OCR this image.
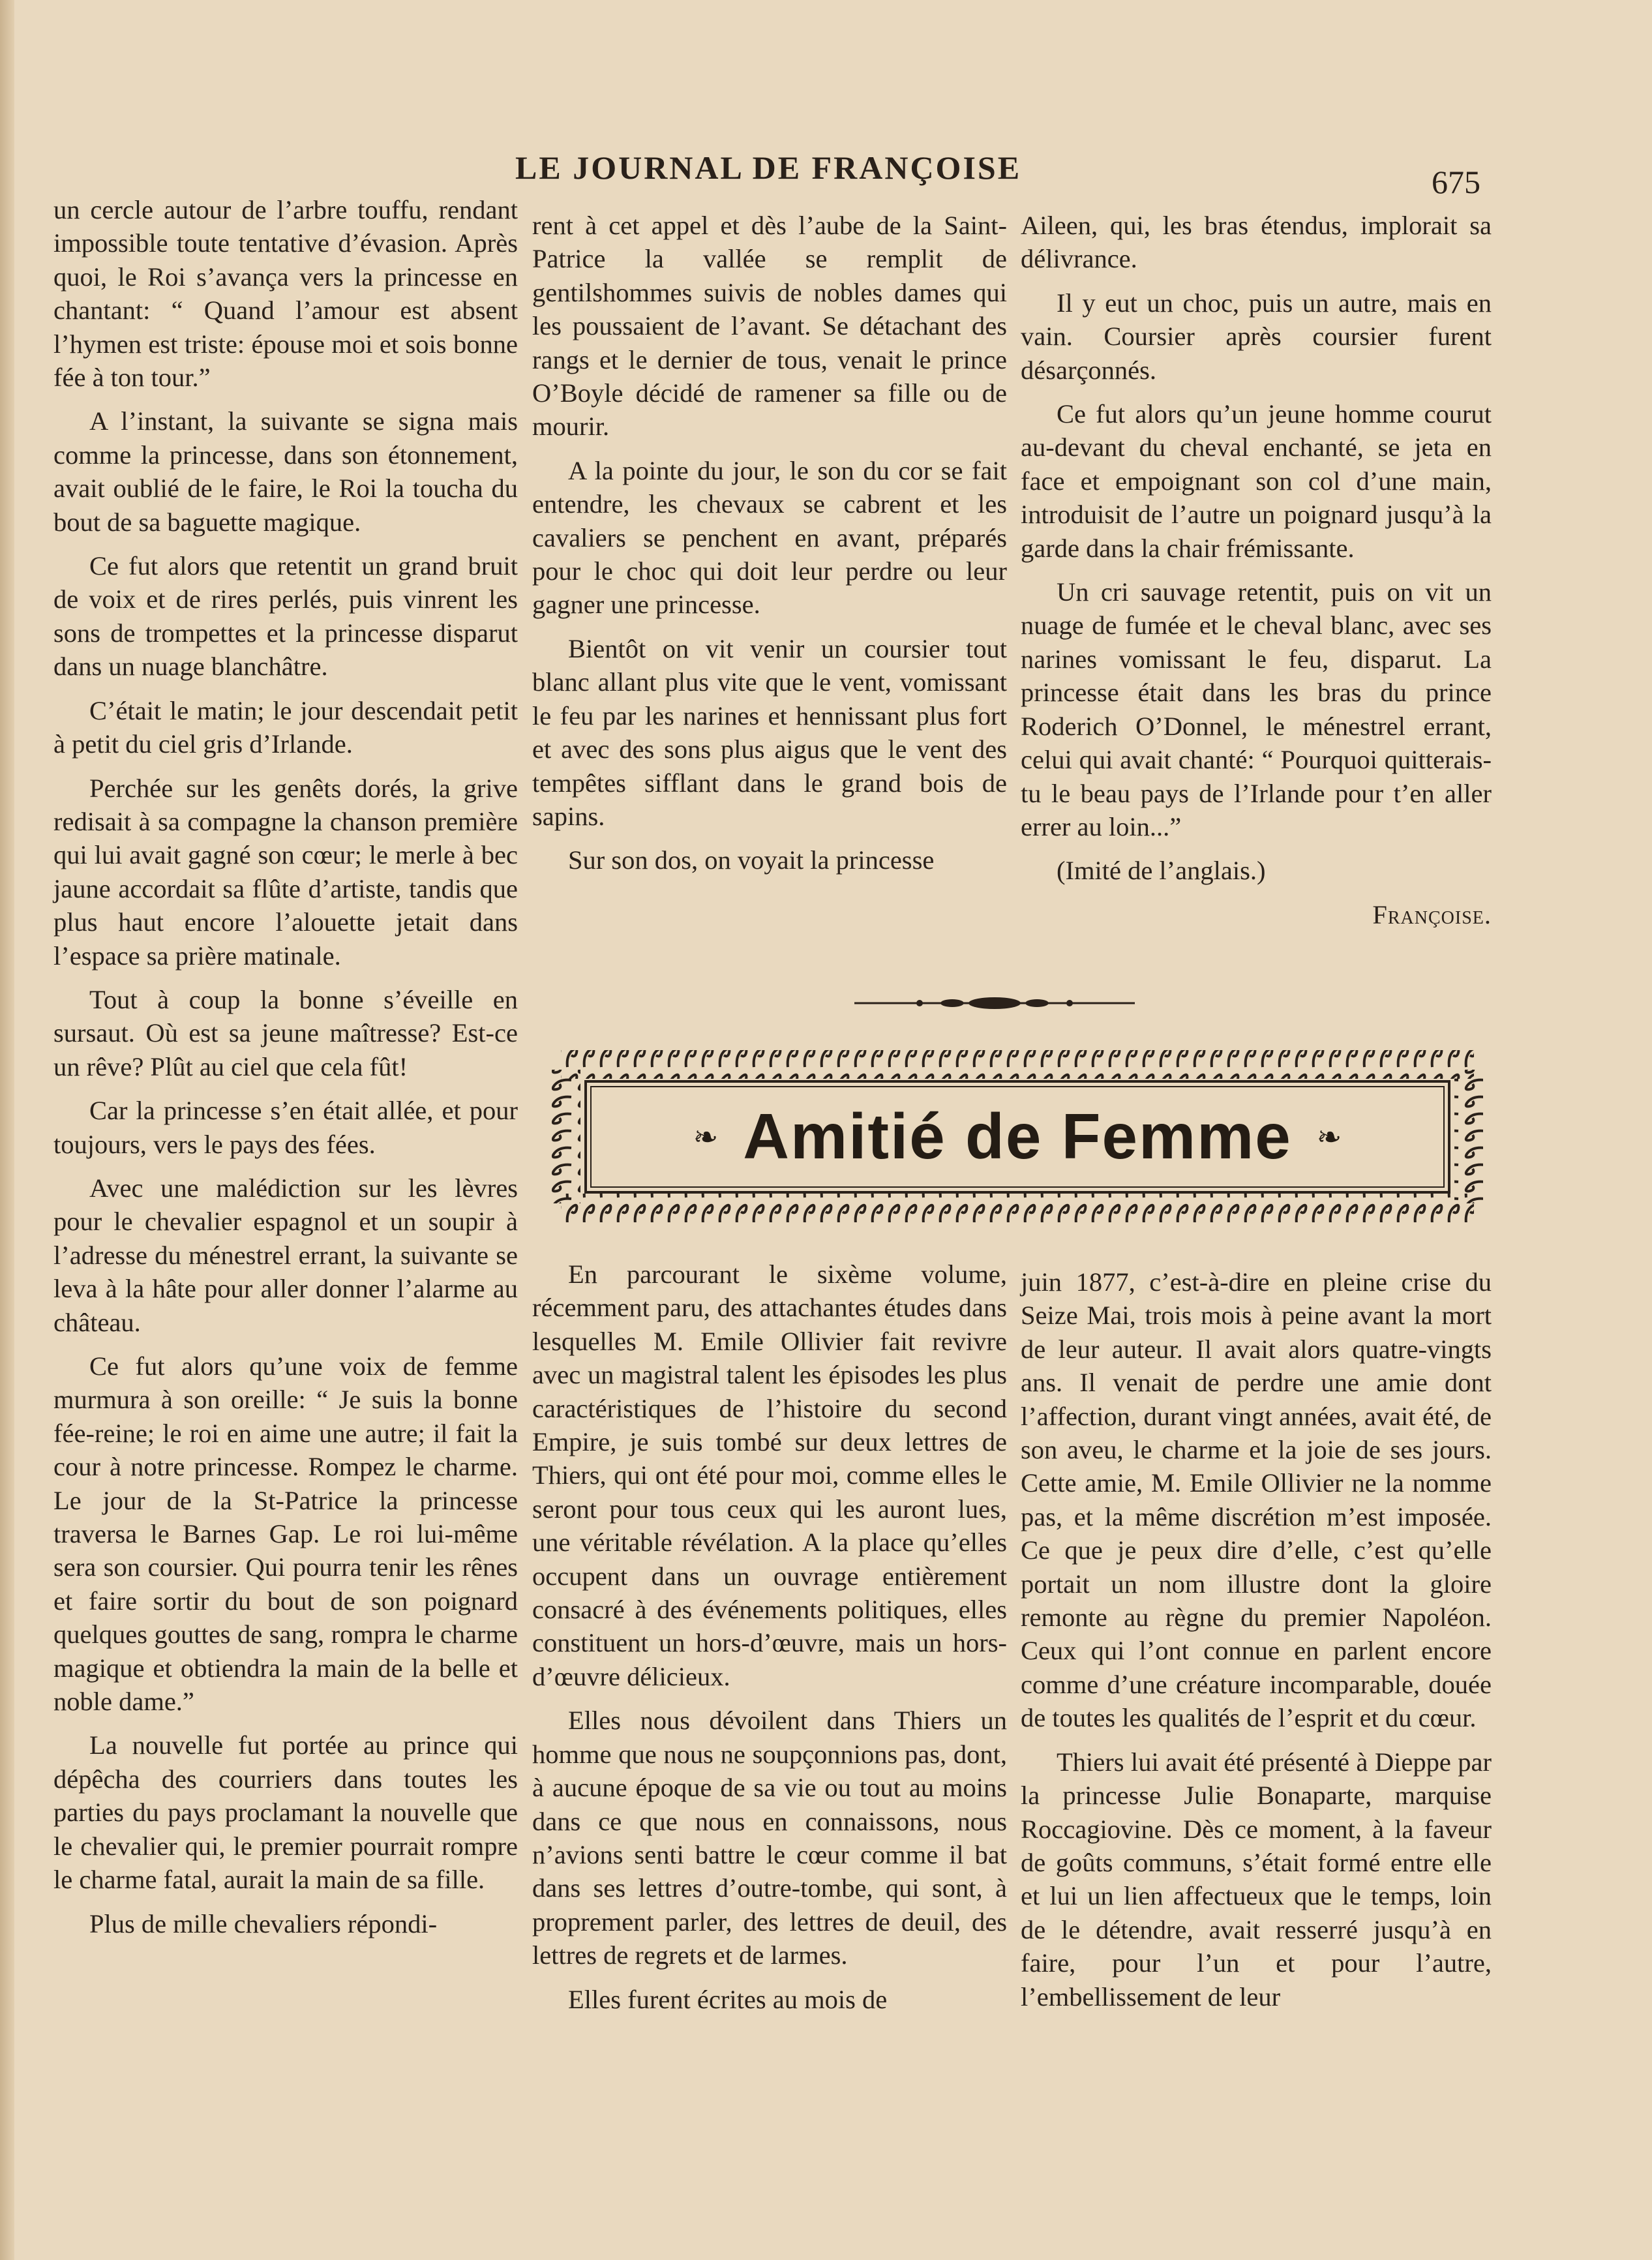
LE JOURNAL DE FRANÇOISE	675

un cercle autour de l’arbre touffu, rendant impossible toute tentative d’évasion. Après quoi, le Roi s’avança vers la princesse en chantant: “ Quand l’amour est absent l’hymen est triste: épouse moi et sois bonne fée à ton tour.”

A l’instant, la suivante se signa mais comme la princesse, dans son étonnement, avait oublié de le faire, le Roi la toucha du bout de sa baguette magique.

Ce fut alors que retentit un grand bruit de voix et de rires perlés, puis vinrent les sons de trompettes et la princesse disparut dans un nuage blanchâtre.

C’était le matin; le jour descendait petit à petit du ciel gris d’Irlande.

Perchée sur les genêts dorés, la grive redisait à sa compagne la chanson première qui lui avait gagné son cœur; le merle à bec jaune accordait sa flûte d’artiste, tandis que plus haut encore l’alouette jetait dans l’espace sa prière matinale.

Tout à coup la bonne s’éveille en sursaut. Où est sa jeune maîtresse? Est-ce un rêve? Plût au ciel que cela fût!

Car la princesse s’en était allée, et pour toujours, vers le pays des fées.

Avec une malédiction sur les lèvres pour le chevalier espagnol et un soupir à l’adresse du ménestrel errant, la suivante se leva à la hâte pour aller donner l’alarme au château.

Ce fut alors qu’une voix de femme murmura à son oreille: “ Je suis la bonne fée-reine; le roi en aime une autre; il fait la cour à notre princesse. Rompez le charme. Le jour de la St-Patrice la princesse traversa le Barnes Gap. Le roi lui-même sera son coursier. Qui pourra tenir les rênes et faire sortir du bout de son poignard quelques gouttes de sang, rompra le charme magique et obtiendra la main de la belle et noble dame.”

La nouvelle fut portée au prince qui dépêcha des courriers dans toutes les parties du pays proclamant la nouvelle que le chevalier qui, le premier pourrait rompre le charme fatal, aurait la main de sa fille.

Plus de mille chevaliers répondi-

rent à cet appel et dès l’aube de la Saint-Patrice la vallée se remplit de gentilshommes suivis de nobles dames qui les poussaient de l’avant. Se détachant des rangs et le dernier de tous, venait le prince O’Boyle décidé de ramener sa fille ou de mourir.

A la pointe du jour, le son du cor se fait entendre, les chevaux se cabrent et les cavaliers se penchent en avant, préparés pour le choc qui doit leur perdre ou leur gagner une princesse.

Bientôt on vit venir un coursier tout blanc allant plus vite que le vent, vomissant le feu par les narines et hennissant plus fort et avec des sons plus aigus que le vent des tempêtes sifflant dans le grand bois de sapins.

Sur son dos, on voyait la princesse

Aileen, qui, les bras étendus, implorait sa délivrance.

Il y eut un choc, puis un autre, mais en vain. Coursier après coursier furent désarçonnés.

Ce fut alors qu’un jeune homme courut au-devant du cheval enchanté, se jeta en face et empoignant son col d’une main, introduisit de l’autre un poignard jusqu’à la garde dans la chair frémissante.

Un cri sauvage retentit, puis on vit un nuage de fumée et le cheval blanc, avec ses narines vomissant le feu, disparut. La princesse était dans les bras du prince Roderich O’Donnel, le ménestrel errant, celui qui avait chanté: “ Pourquoi quitterais-tu le beau pays de l’Irlande pour t’en aller errer au loin...”

(Imité de l’anglais.)

Françoise.

❧ Amitié de Femme ❧

En parcourant le sixème volume, récemment paru, des attachantes études dans lesquelles M. Emile Ollivier fait revivre avec un magistral talent les épisodes les plus caractéristiques de l’histoire du second Empire, je suis tombé sur deux lettres de Thiers, qui ont été pour moi, comme elles le seront pour tous ceux qui les auront lues, une véritable révélation. A la place qu’elles occupent dans un ouvrage entièrement consacré à des événements politiques, elles constituent un hors-d’œuvre, mais un hors-d’œuvre délicieux.

Elles nous dévoilent dans Thiers un homme que nous ne soupçonnions pas, dont, à aucune époque de sa vie ou tout au moins dans ce que nous en connaissons, nous n’avions senti battre le cœur comme il bat dans ses lettres d’outre-tombe, qui sont, à proprement parler, des lettres de deuil, des lettres de regrets et de larmes.

Elles furent écrites au mois de

juin 1877, c’est-à-dire en pleine crise du Seize Mai, trois mois à peine avant la mort de leur auteur. Il avait alors quatre-vingts ans. Il venait de perdre une amie dont l’affection, durant vingt années, avait été, de son aveu, le charme et la joie de ses jours. Cette amie, M. Emile Ollivier ne la nomme pas, et la même discrétion m’est imposée. Ce que je peux dire d’elle, c’est qu’elle portait un nom illustre dont la gloire remonte au règne du premier Napoléon. Ceux qui l’ont connue en parlent encore comme d’une créature incomparable, douée de toutes les qualités de l’esprit et du cœur.

Thiers lui avait été présenté à Dieppe par la princesse Julie Bonaparte, marquise Roccagiovine. Dès ce moment, à la faveur de goûts communs, s’était formé entre elle et lui un lien affectueux que le temps, loin de le détendre, avait resserré jusqu’à en faire, pour l’un et pour l’autre, l’embellissement de leur
